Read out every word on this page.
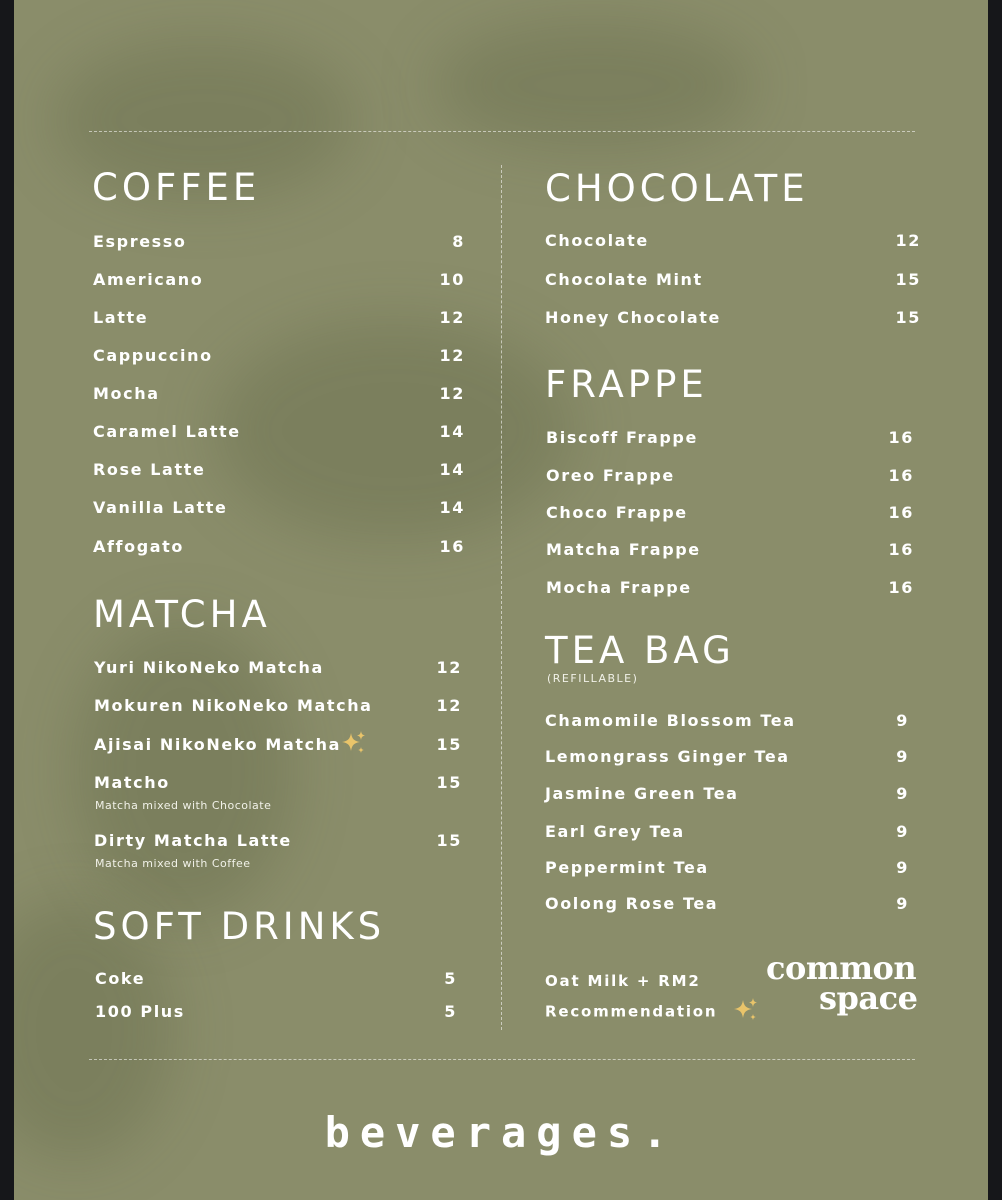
COFFEE
Espresso	8
Americano	10
Latte	12
Cappuccino	12
Mocha	12
Caramel Latte	14
Rose Latte	14
Vanilla Latte	14
Affogato	16
MATCHA
Yuri NikoNeko Matcha	12
Mokuren NikoNeko Matcha	12
Ajisai NikoNeko Matcha	15
Matcho	15
Matcha mixed with Chocolate
Dirty Matcha Latte	15
Matcha mixed with Coffee
SOFT DRINKS
Coke	5
100 Plus	5
CHOCOLATE
Chocolate	12
Chocolate Mint	15
Honey Chocolate	15
FRAPPE
Biscoff Frappe	16
Oreo Frappe	16
Choco Frappe	16
Matcha Frappe	16
Mocha Frappe	16
TEA BAG
(REFILLABLE)
Chamomile Blossom Tea	9
Lemongrass Ginger Tea	9
Jasmine Green Tea	9
Earl Grey Tea	9
Peppermint Tea	9
Oolong Rose Tea	9
Oat Milk + RM2
Recommendation
common
space
beverages.
